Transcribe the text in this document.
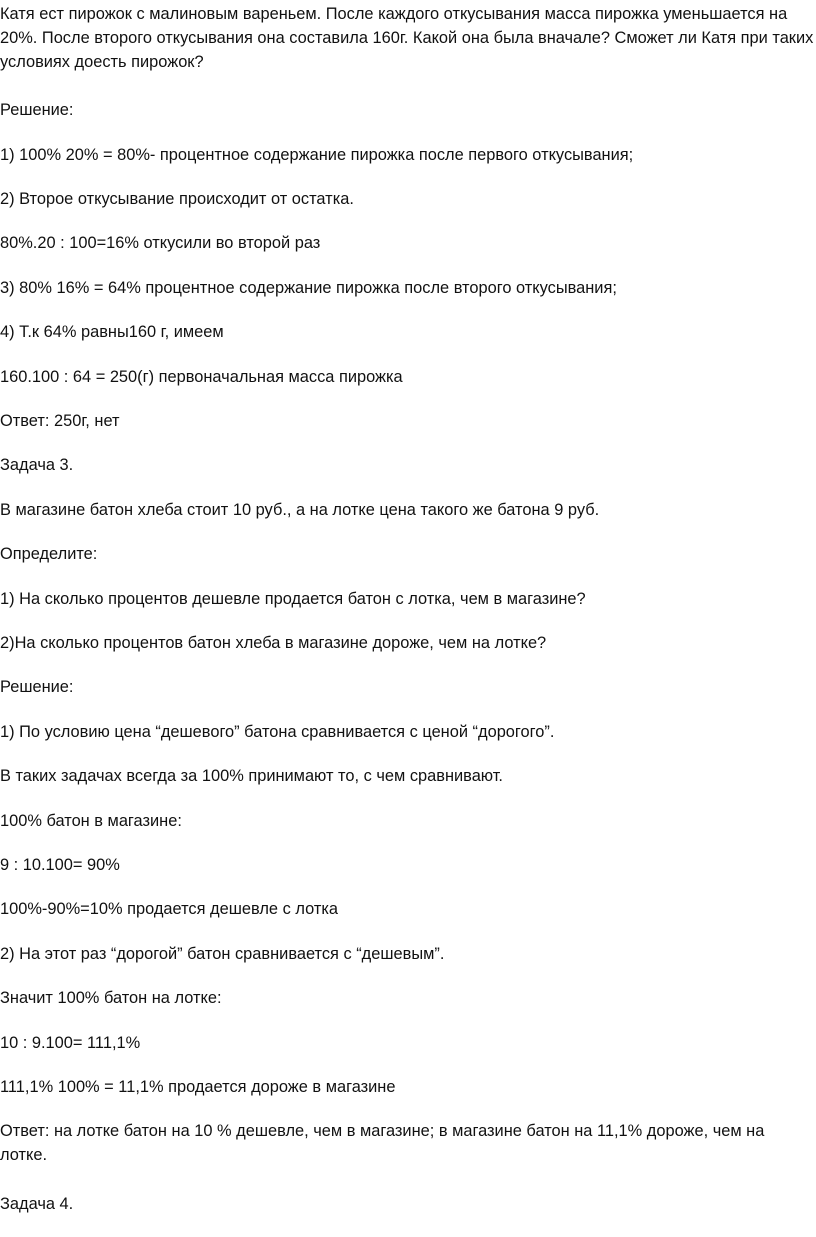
Катя ест пирожок с малиновым вареньем. После каждого откусывания масса пирожка уменьшается на 20%. После второго откусывания она составила 160г. Какой она была вначале? Сможет ли Катя при таких условиях доесть пирожок?
Решение:
1) 100% 20% = 80%- процентное содержание пирожка после первого откусывания;
2) Второе откусывание происходит от остатка.
80%.20 : 100=16% откусили во второй раз
3) 80% 16% = 64% процентное содержание пирожка после второго откусывания;
4) Т.к 64% равны160 г, имеем
160.100 : 64 = 250(г) первоначальная масса пирожка
Ответ: 250г, нет
Задача 3.
В магазине батон хлеба стоит 10 руб., а на лотке цена такого же батона 9 руб.
Определите:
1) На сколько процентов дешевле продается батон с лотка, чем в магазине?
2)На сколько процентов батон хлеба в магазине дороже, чем на лотке?
Решение:
1) По условию цена “дешевого” батона сравнивается с ценой “дорогого”.
В таких задачах всегда за 100% принимают то, с чем сравнивают.
100% батон в магазине:
9 : 10.100= 90%
100%-90%=10% продается дешевле с лотка
2) На этот раз “дорогой” батон сравнивается с “дешевым”.
Значит 100% батон на лотке:
10 : 9.100= 111,1%
111,1% 100% = 11,1% продается дороже в магазине
Ответ: на лотке батон на 10 % дешевле, чем в магазине; в магазине батон на 11,1% дороже, чем на лотке.
Задача 4.
